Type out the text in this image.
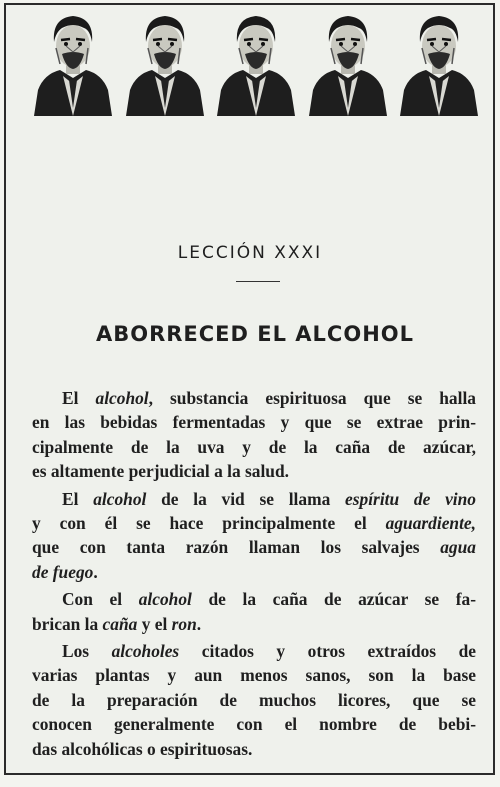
LECCIÓN XXXI
ABORRECED EL ALCOHOL
El alcohol, substancia espirituosa que se halla
en las bebidas fermentadas y que se extrae prin-
cipalmente de la uva y de la caña de azúcar,
es altamente perjudicial a la salud.
El alcohol de la vid se llama espíritu de vino
y con él se hace principalmente el aguardiente,
que con tanta razón llaman los salvajes agua
de fuego.
Con el alcohol de la caña de azúcar se fa-
brican la caña y el ron.
Los alcoholes citados y otros extraídos de
varias plantas y aun menos sanos, son la base
de la preparación de muchos licores, que se
conocen generalmente con el nombre de bebi-
das alcohólicas o espirituosas.
